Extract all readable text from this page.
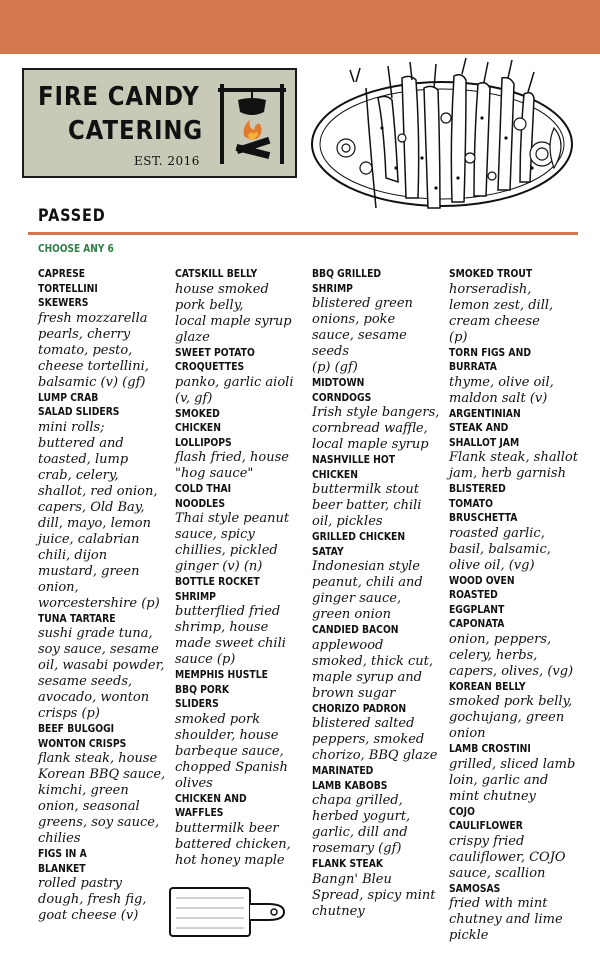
FIRE CANDY
CATERING
EST. 2016
PASSED
CHOOSE ANY 6
CAPRESE
TORTELLINI
SKEWERS
fresh mozzarella
pearls, cherry
tomato, pesto,
cheese tortellini,
balsamic (v) (gf)
LUMP CRAB
SALAD SLIDERS
mini rolls;
buttered and
toasted, lump
crab, celery,
shallot, red onion,
capers, Old Bay,
dill, mayo, lemon
juice, calabrian
chili, dijon
mustard, green
onion,
worcestershire (p)
TUNA TARTARE
sushi grade tuna,
soy sauce, sesame
oil, wasabi powder,
sesame seeds,
avocado, wonton
crisps (p)
BEEF BULGOGI
WONTON CRISPS
flank steak, house
Korean BBQ sauce,
kimchi, green
onion, seasonal
greens, soy sauce,
chilies
FIGS IN A
BLANKET
rolled pastry
dough, fresh fig,
goat cheese (v)
CATSKILL BELLY
house smoked
pork belly,
local maple syrup
glaze
SWEET POTATO
CROQUETTES
panko, garlic aioli
(v, gf)
SMOKED
CHICKEN
LOLLIPOPS
flash fried, house
"hog sauce"
COLD THAI
NOODLES
Thai style peanut
sauce, spicy
chillies, pickled
ginger (v) (n)
BOTTLE ROCKET
SHRIMP
butterflied fried
shrimp, house
made sweet chili
sauce (p)
MEMPHIS HUSTLE
BBQ PORK
SLIDERS
smoked pork
shoulder, house
barbeque sauce,
chopped Spanish
olives
CHICKEN AND
WAFFLES
buttermilk beer
battered chicken,
hot honey maple
BBQ GRILLED
SHRIMP
blistered green
onions, poke
sauce, sesame
seeds
(p) (gf)
MIDTOWN
CORNDOGS
Irish style bangers,
cornbread waffle,
local maple syrup
NASHVILLE HOT
CHICKEN
buttermilk stout
beer batter, chili
oil, pickles
GRILLED CHICKEN
SATAY
Indonesian style
peanut, chili and
ginger sauce,
green onion
CANDIED BACON
applewood
smoked, thick cut,
maple syrup and
brown sugar
CHORIZO PADRON
blistered salted
peppers, smoked
chorizo, BBQ glaze
MARINATED
LAMB KABOBS
chapa grilled,
herbed yogurt,
garlic, dill and
rosemary (gf)
FLANK STEAK
Bangn' Bleu
Spread, spicy mint
chutney
SMOKED TROUT
horseradish,
lemon zest, dill,
cream cheese
(p)
TORN FIGS AND
BURRATA
thyme, olive oil,
maldon salt (v)
ARGENTINIAN
STEAK AND
SHALLOT JAM
Flank steak, shallot
jam, herb garnish
BLISTERED
TOMATO
BRUSCHETTA
roasted garlic,
basil, balsamic,
olive oil, (vg)
WOOD OVEN
ROASTED
EGGPLANT
CAPONATA
onion, peppers,
celery, herbs,
capers, olives, (vg)
KOREAN BELLY
smoked pork belly,
gochujang, green
onion
LAMB CROSTINI
grilled, sliced lamb
loin, garlic and
mint chutney
COJO
CAULIFLOWER
crispy fried
cauliflower, COJO
sauce, scallion
SAMOSAS
fried with mint
chutney and lime
pickle
